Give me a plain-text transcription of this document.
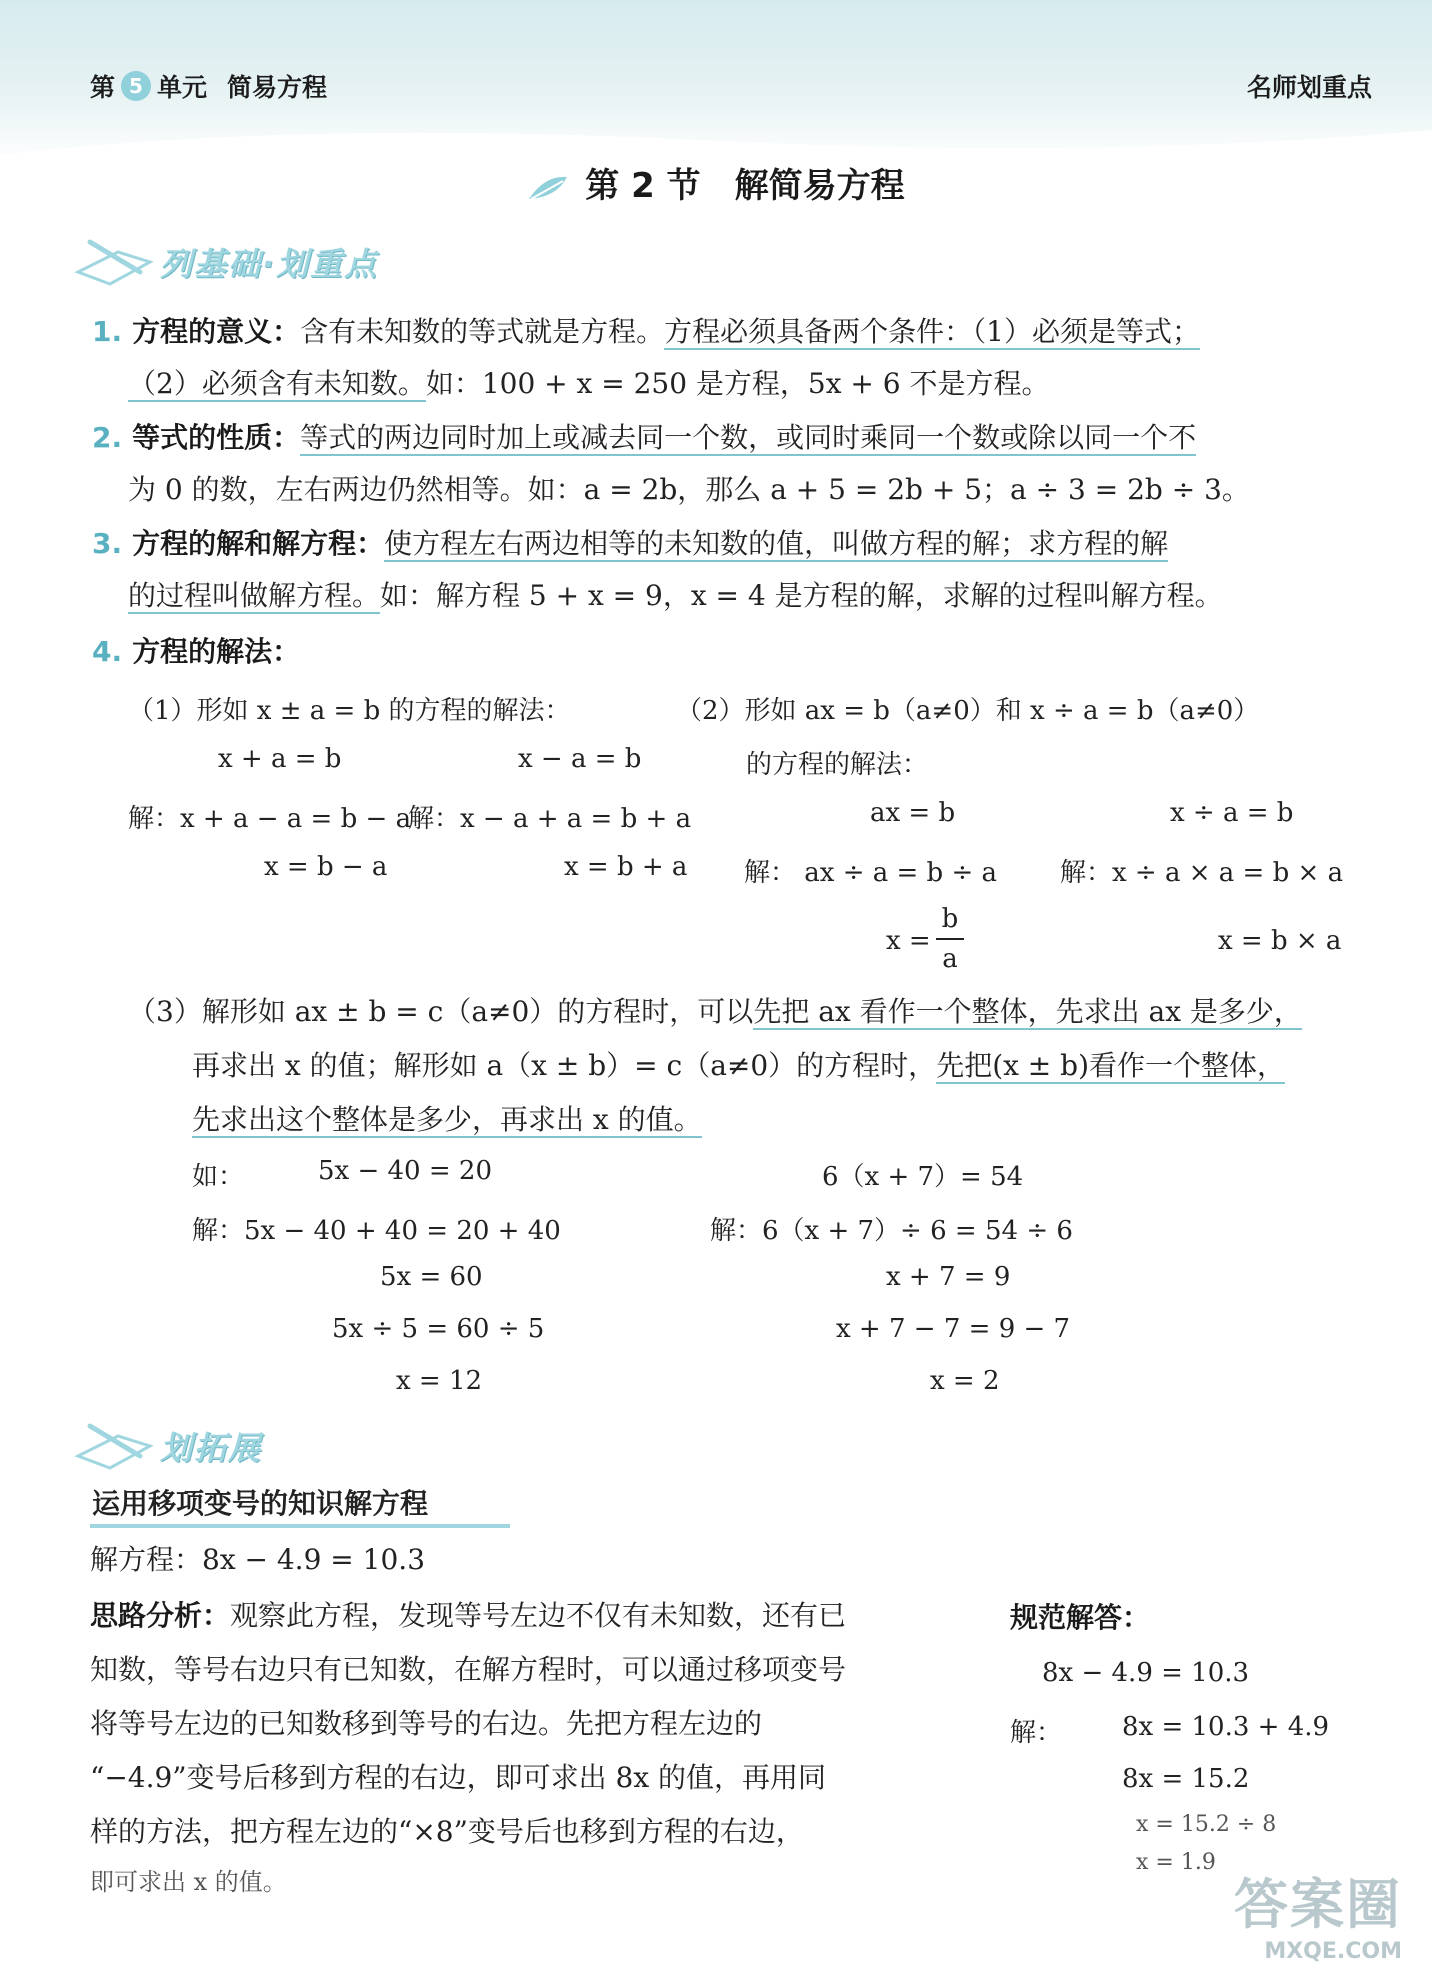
第 5 单元 简易方程	名师划重点
第 2 节　解简易方程
列基础·划重点
1. 方程的意义：含有未知数的等式就是方程。方程必须具备两个条件：（1）必须是等式；
（2）必须含有未知数。如：100 + x = 250 是方程，5x + 6 不是方程。
2. 等式的性质：等式的两边同时加上或减去同一个数，或同时乘同一个数或除以同一个不
为 0 的数，左右两边仍然相等。如：a = 2b，那么 a + 5 = 2b + 5；a ÷ 3 = 2b ÷ 3。
3. 方程的解和解方程：使方程左右两边相等的未知数的值，叫做方程的解；求方程的解
的过程叫做解方程。如：解方程 5 + x = 9，x = 4 是方程的解，求解的过程叫解方程。
4. 方程的解法：
（1）形如 x ± a = b 的方程的解法：
x + a = b	x − a = b
解：x + a − a = b − a
解：x − a + a = b + a
x = b − a	x = b + a
（2）形如 ax = b（a≠0）和 x ÷ a = b（a≠0）
的方程的解法：
ax = b	x ÷ a = b
解： ax ÷ a = b ÷ a 解：x ÷ a × a = b × a
x =
b
a
x = b × a
（3）解形如 ax ± b = c（a≠0）的方程时，可以先把 ax 看作一个整体，先求出 ax 是多少，
再求出 x 的值；解形如 a（x ± b）= c（a≠0）的方程时，先把(x ± b)看作一个整体，
先求出这个整体是多少，再求出 x 的值。
如：	5x − 40 = 20
解：5x − 40 + 40 = 20 + 40
5x = 60
5x ÷ 5 = 60 ÷ 5
x = 12
6（x + 7）= 54
解：6（x + 7）÷ 6 = 54 ÷ 6
x + 7 = 9
x + 7 − 7 = 9 − 7
x = 2
划拓展
运用移项变号的知识解方程
解方程：8x − 4.9 = 10.3
思路分析：观察此方程，发现等号左边不仅有未知数，还有已
知数，等号右边只有已知数，在解方程时，可以通过移项变号
将等号左边的已知数移到等号的右边。先把方程左边的
“−4.9”变号后移到方程的右边，即可求出 8x 的值，再用同
样的方法，把方程左边的“×8”变号后也移到方程的右边，
即可求出 x 的值。
规范解答：
8x − 4.9 = 10.3
解： 8x = 10.3 + 4.9
8x = 15.2
x = 15.2 ÷ 8
x = 1.9
答案圈
MXQE.COM
